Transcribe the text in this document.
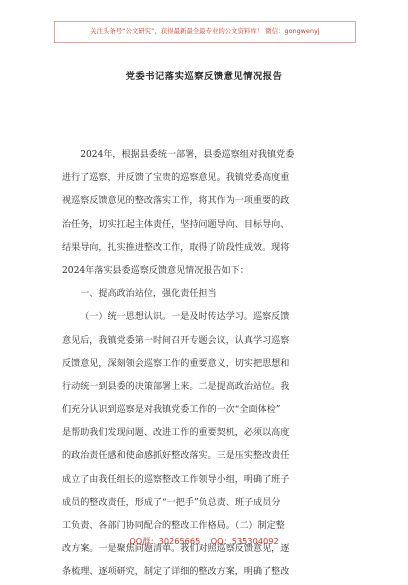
关注头条号“公文研究”，获得最新最全最专业的公文资料库！ 微信：gongwenyj
党委书记落实巡察反馈意见情况报告
2024年，根据县委统一部署，县委巡察组对我镇党委
进行了巡察，并反馈了宝贵的巡察意见。我镇党委高度重
视巡察反馈意见的整改落实工作，将其作为一项重要的政
治任务，切实扛起主体责任，坚持问题导向、目标导向、
结果导向，扎实推进整改工作，取得了阶段性成效。现将
2024年落实县委巡察反馈意见情况报告如下：
一、提高政治站位，强化责任担当
（一）统一思想认识。一是及时传达学习。巡察反馈
意见后，我镇党委第一时间召开专题会议，认真学习巡察
反馈意见，深刻领会巡察工作的重要意义，切实把思想和
行动统一到县委的决策部署上来。二是提高政治站位。我
们充分认识到巡察是对我镇党委工作的一次“全面体检”
是帮助我们发现问题、改进工作的重要契机，必须以高度
的政治责任感和使命感抓好整改落实。三是压实整改责任
成立了由我任组长的巡察整改工作领导小组，明确了班子
成员的整改责任，形成了“一把手”负总责、班子成员分
工负责、各部门协同配合的整改工作格局。（二）制定整
改方案。一是聚焦问题清单。我们对照巡察反馈意见，逐
条梳理、逐项研究，制定了详细的整改方案，明确了整改
QQ群：30265665    QQ：535304092
